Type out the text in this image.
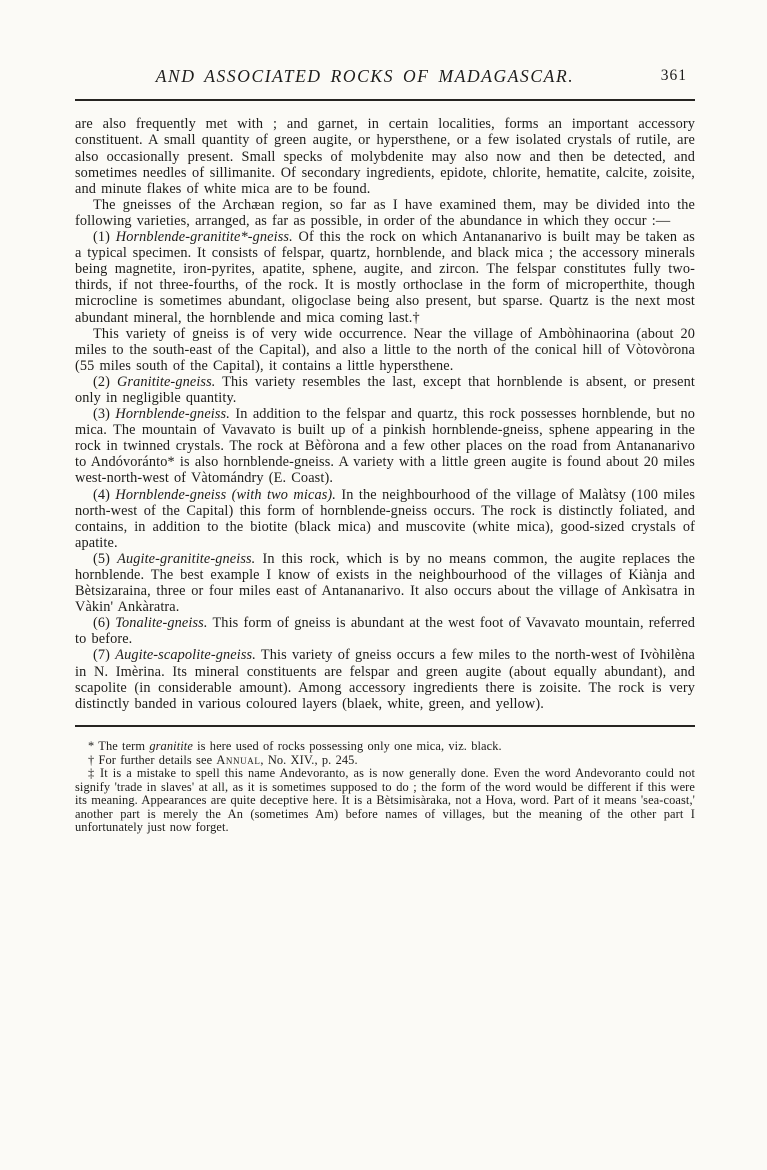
AND ASSOCIATED ROCKS OF MADAGASCAR.	361

are also frequently met with ; and garnet, in certain localities, forms an important accessory constituent. A small quantity of green augite, or hypersthene, or a few isolated crystals of rutile, are also occasionally present. Small specks of molybdenite may also now and then be detected, and sometimes needles of sillimanite. Of secondary ingredients, epidote, chlorite, hematite, calcite, zoisite, and minute flakes of white mica are to be found.

The gneisses of the Archæan region, so far as I have examined them, may be divided into the following varieties, arranged, as far as possible, in order of the abundance in which they occur :—

(1) Hornblende-granitite*-gneiss. Of this the rock on which Antananarivo is built may be taken as a typical specimen. It consists of felspar, quartz, hornblende, and black mica ; the accessory minerals being magnetite, iron-pyrites, apatite, sphene, augite, and zircon. The felspar constitutes fully two-thirds, if not three-fourths, of the rock. It is mostly orthoclase in the form of microperthite, though microcline is sometimes abundant, oligoclase being also present, but sparse. Quartz is the next most abundant mineral, the hornblende and mica coming last.†

This variety of gneiss is of very wide occurrence. Near the village of Ambòhinaorina (about 20 miles to the south-east of the Capital), and also a little to the north of the conical hill of Vòtovòrona (55 miles south of the Capital), it contains a little hypersthene.

(2) Granitite-gneiss. This variety resembles the last, except that hornblende is absent, or present only in negligible quantity.

(3) Hornblende-gneiss. In addition to the felspar and quartz, this rock possesses hornblende, but no mica. The mountain of Vavavato is built up of a pinkish hornblende-gneiss, sphene appearing in the rock in twinned crystals. The rock at Bèfòrona and a few other places on the road from Antananarivo to Andóvoránto* is also hornblende-gneiss. A variety with a little green augite is found about 20 miles west-north-west of Vàtomándry (E. Coast).

(4) Hornblende-gneiss (with two micas). In the neighbourhood of the village of Malàtsy (100 miles north-west of the Capital) this form of hornblende-gneiss occurs. The rock is distinctly foliated, and contains, in addition to the biotite (black mica) and muscovite (white mica), good-sized crystals of apatite.

(5) Augite-granitite-gneiss. In this rock, which is by no means common, the augite replaces the hornblende. The best example I know of exists in the neighbourhood of the villages of Kiànja and Bètsizaraina, three or four miles east of Antananarivo. It also occurs about the village of Ankìsatra in Vàkin' Ankàratra.

(6) Tonalite-gneiss. This form of gneiss is abundant at the west foot of Vavavato mountain, referred to before.

(7) Augite-scapolite-gneiss. This variety of gneiss occurs a few miles to the north-west of Ivòhilèna in N. Imèrina. Its mineral constituents are felspar and green augite (about equally abundant), and scapolite (in considerable amount). Among accessory ingredients there is zoisite. The rock is very distinctly banded in various coloured layers (blaek, white, green, and yellow).

* The term granitite is here used of rocks possessing only one mica, viz. black.

† For further details see Annual, No. XIV., p. 245.

‡ It is a mistake to spell this name Andevoranto, as is now generally done. Even the word Andevoranto could not signify 'trade in slaves' at all, as it is sometimes supposed to do ; the form of the word would be different if this were its meaning. Appearances are quite deceptive here. It is a Bètsimisàraka, not a Hova, word. Part of it means 'sea-coast,' another part is merely the An (sometimes Am) before names of villages, but the meaning of the other part I unfortunately just now forget.
